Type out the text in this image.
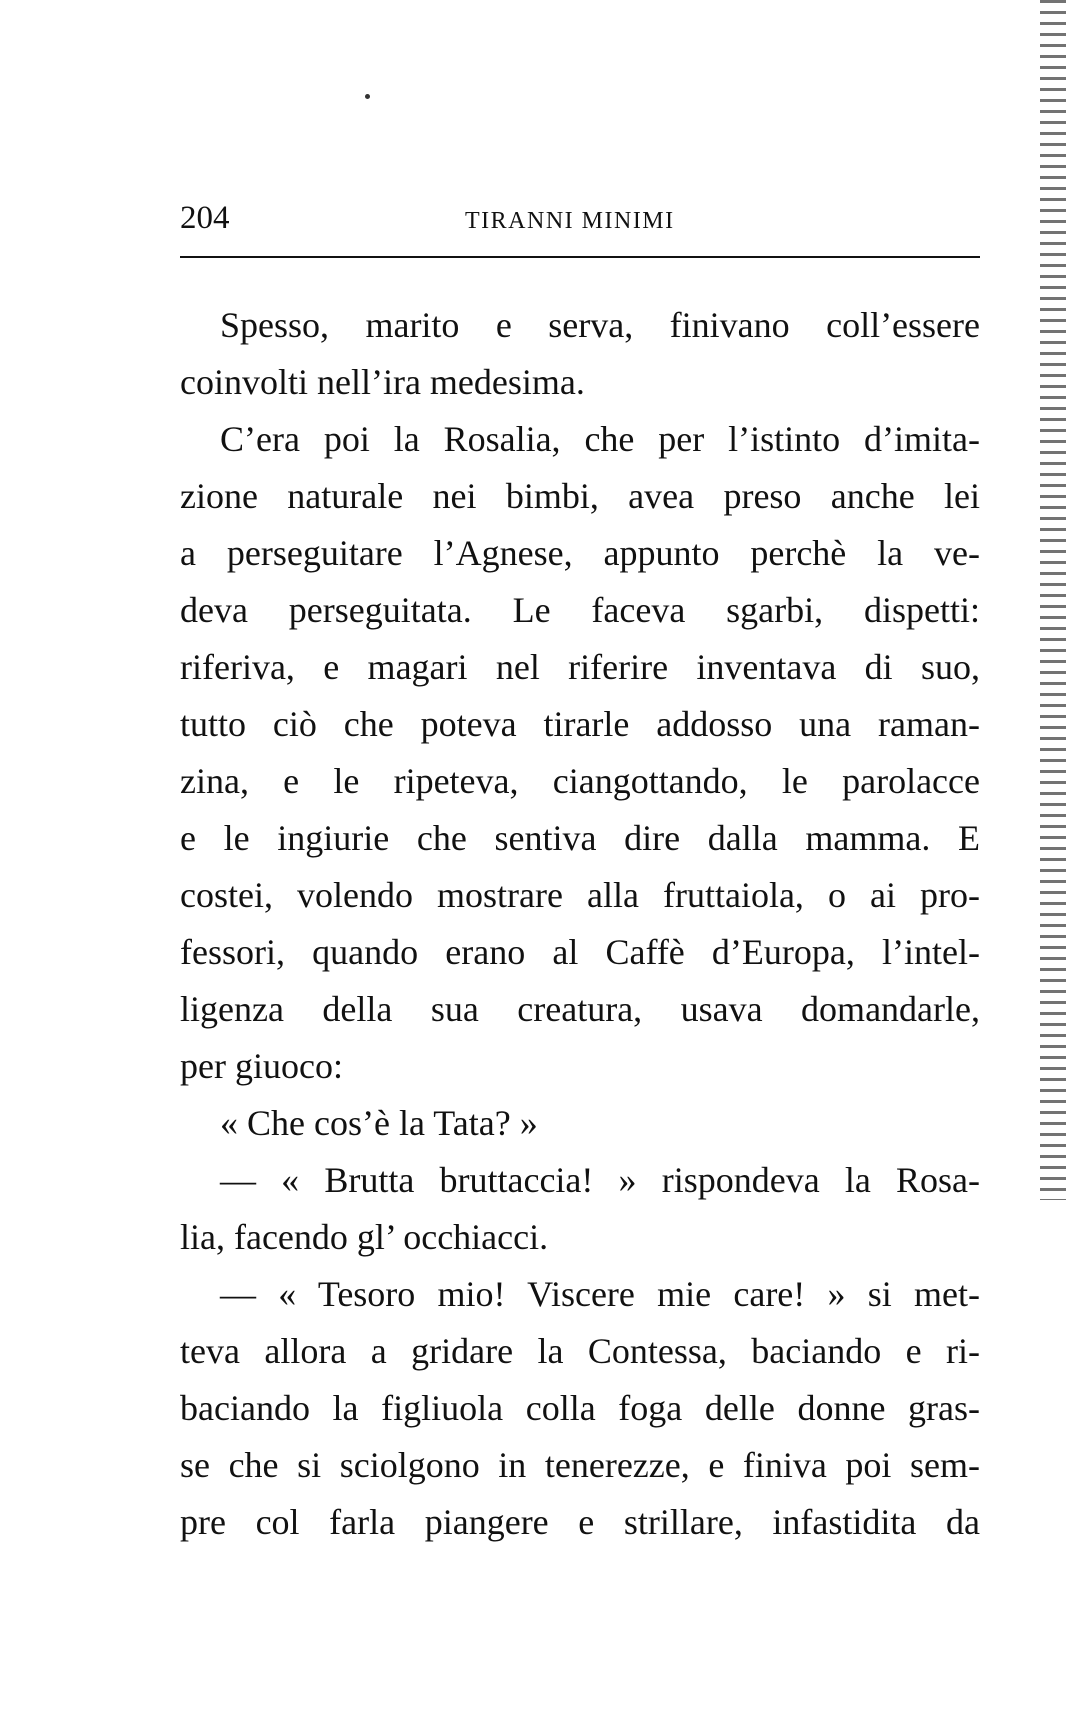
204	TIRANNI MINIMI
Spesso, marito e serva, finivano coll’essere
coinvolti nell’ira medesima.
C’era poi la Rosalia, che per l’istinto d’imita-
zione naturale nei bimbi, avea preso anche lei
a perseguitare l’Agnese, appunto perchè la ve-
deva perseguitata. Le faceva sgarbi, dispetti:
riferiva, e magari nel riferire inventava di suo,
tutto ciò che poteva tirarle addosso una raman-
zina, e le ripeteva, ciangottando, le parolacce
e le ingiurie che sentiva dire dalla mamma. E
costei, volendo mostrare alla fruttaiola, o ai pro-
fessori, quando erano al Caffè d’Europa, l’intel-
ligenza della sua creatura, usava domandarle,
per giuoco:
« Che cos’è la Tata? »
— « Brutta bruttaccia! » rispondeva la Rosa-
lia, facendo gl’ occhiacci.
— « Tesoro mio! Viscere mie care! » si met-
teva allora a gridare la Contessa, baciando e ri-
baciando la figliuola colla foga delle donne gras-
se che si sciolgono in tenerezze, e finiva poi sem-
pre col farla piangere e strillare, infastidita da
